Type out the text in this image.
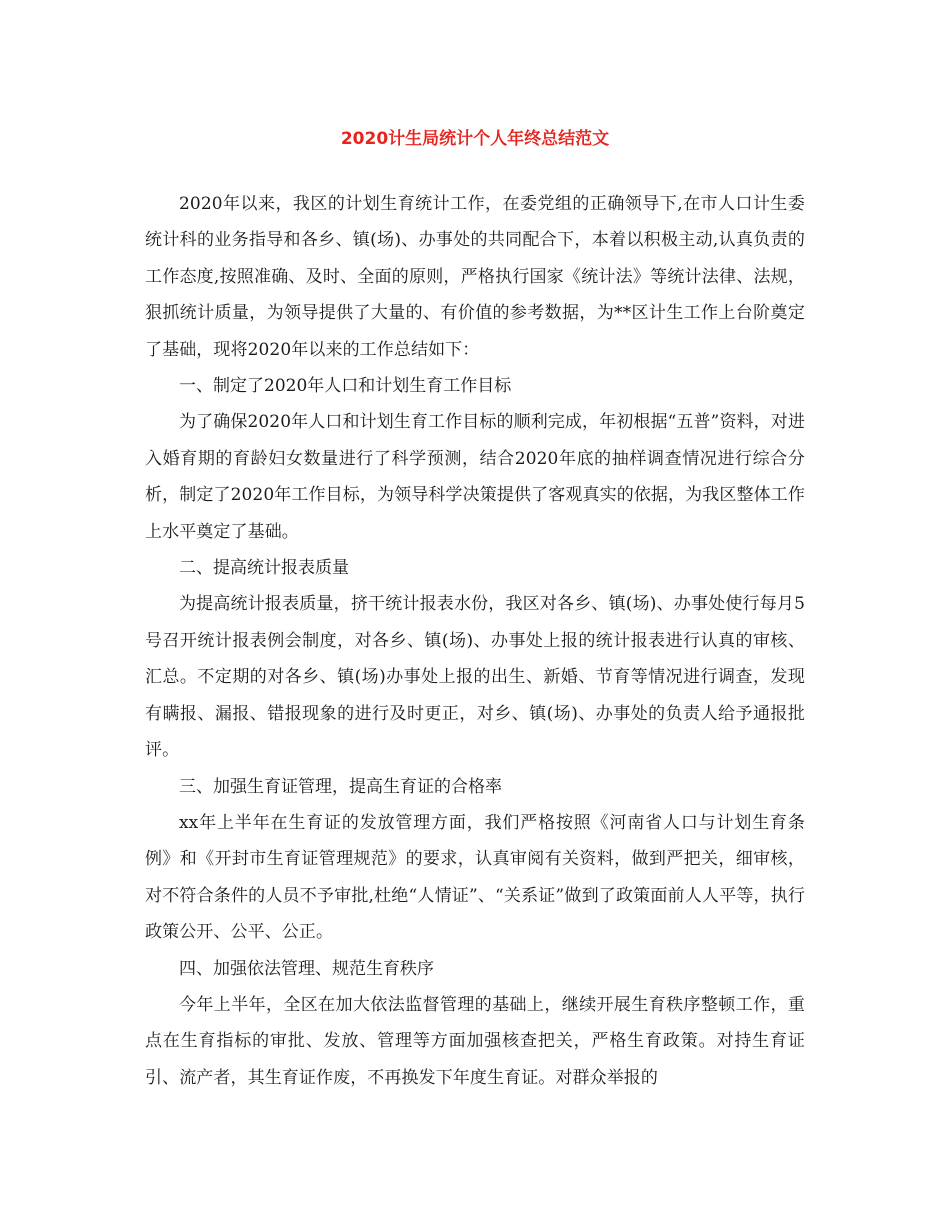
2020计生局统计个人年终总结范文

2020年以来，我区的计划生育统计工作，在委党组的正确领导下,在市人口计生委统计科的业务指导和各乡、镇(场)、办事处的共同配合下，本着以积极主动,认真负责的工作态度,按照准确、及时、全面的原则，严格执行国家《统计法》等统计法律、法规，狠抓统计质量，为领导提供了大量的、有价值的参考数据，为**区计生工作上台阶奠定了基础，现将2020年以来的工作总结如下：

一、制定了2020年人口和计划生育工作目标

为了确保2020年人口和计划生育工作目标的顺利完成，年初根据“五普”资料，对进入婚育期的育龄妇女数量进行了科学预测，结合2020年底的抽样调查情况进行综合分析，制定了2020年工作目标，为领导科学决策提供了客观真实的依据，为我区整体工作上水平奠定了基础。

二、提高统计报表质量

为提高统计报表质量，挤干统计报表水份，我区对各乡、镇(场)、办事处使行每月5号召开统计报表例会制度，对各乡、镇(场)、办事处上报的统计报表进行认真的审核、汇总。不定期的对各乡、镇(场)办事处上报的出生、新婚、节育等情况进行调查，发现有瞒报、漏报、错报现象的进行及时更正，对乡、镇(场)、办事处的负责人给予通报批评。

三、加强生育证管理，提高生育证的合格率

xx年上半年在生育证的发放管理方面，我们严格按照《河南省人口与计划生育条例》和《开封市生育证管理规范》的要求，认真审阅有关资料，做到严把关，细审核，对不符合条件的人员不予审批,杜绝“人情证”、“关系证”做到了政策面前人人平等，执行政策公开、公平、公正。

四、加强依法管理、规范生育秩序

今年上半年，全区在加大依法监督管理的基础上，继续开展生育秩序整顿工作，重点在生育指标的审批、发放、管理等方面加强核查把关，严格生育政策。对持生育证引、流产者，其生育证作废，不再换发下年度生育证。对群众举报的
